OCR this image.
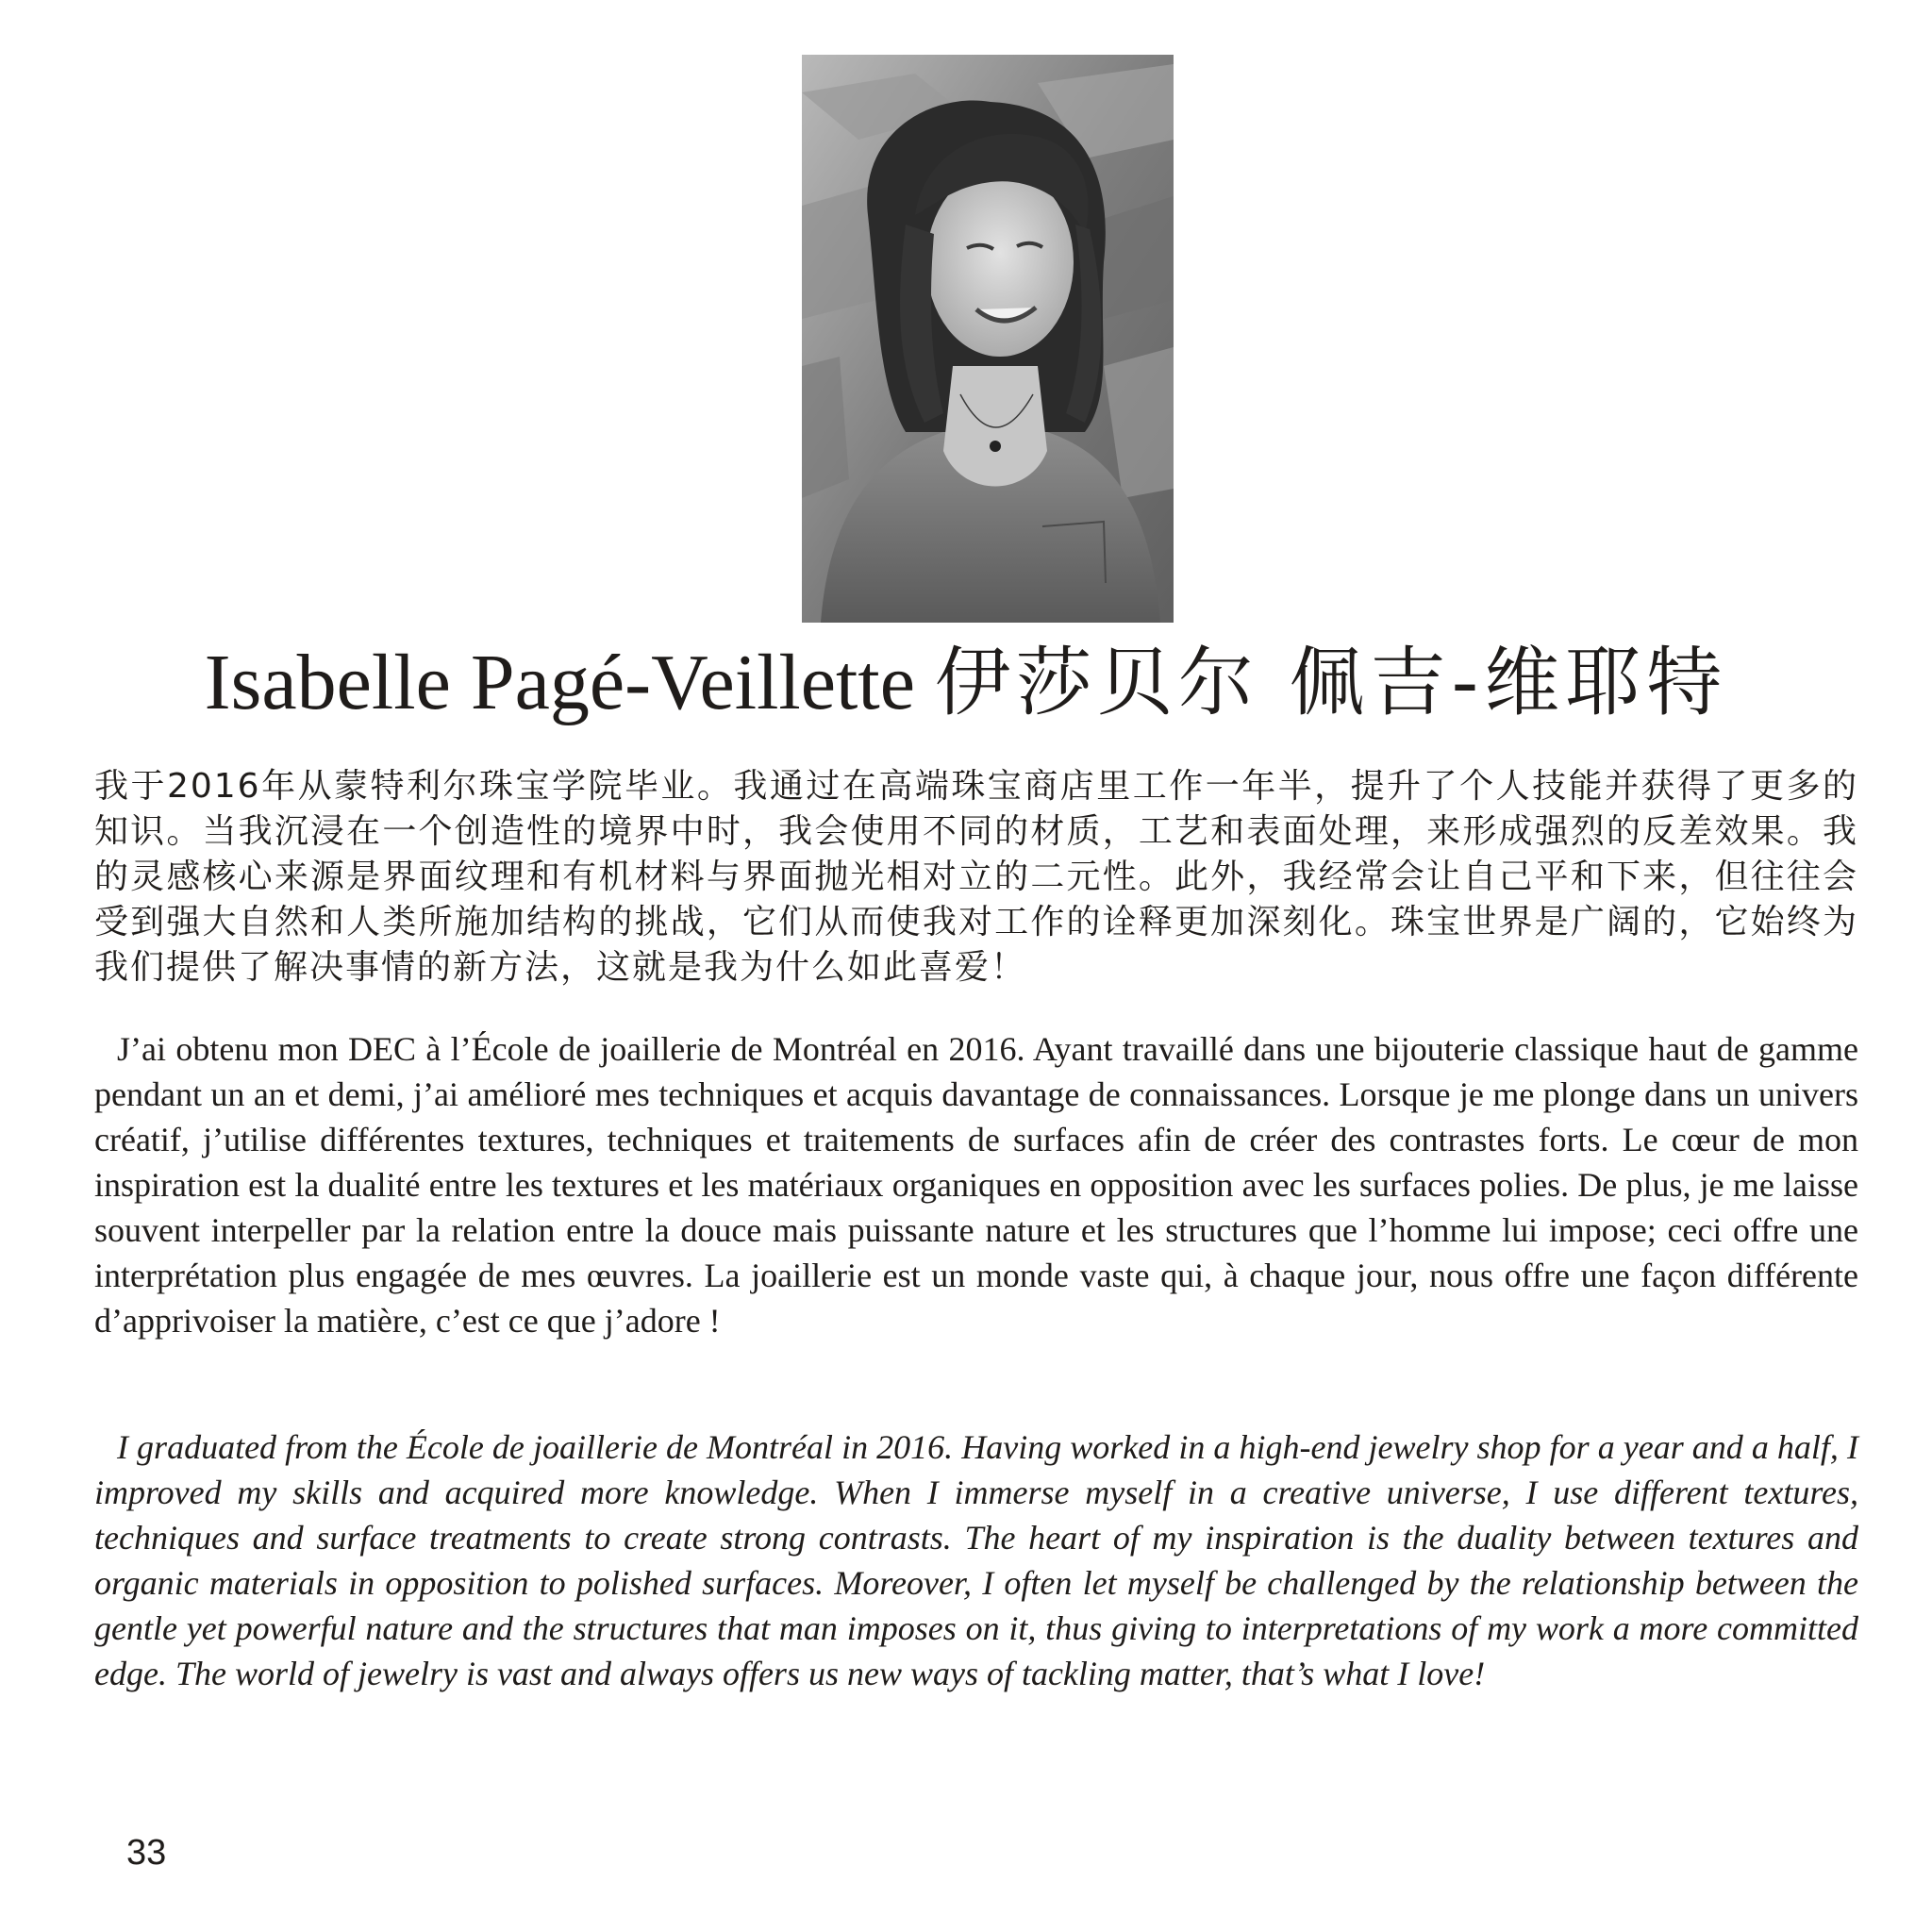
Isabelle Pagé-Veillette 伊莎贝尔 佩吉-维耶特

我于2016年从蒙特利尔珠宝学院毕业。我通过在高端珠宝商店里工作一年半，提升了个人技能并获得了更多的知识。当我沉浸在一个创造性的境界中时，我会使用不同的材质，工艺和表面处理，来形成强烈的反差效果。我的灵感核心来源是界面纹理和有机材料与界面抛光相对立的二元性。此外，我经常会让自己平和下来，但往往会受到强大自然和人类所施加结构的挑战，它们从而使我对工作的诠释更加深刻化。珠宝世界是广阔的，它始终为我们提供了解决事情的新方法，这就是我为什么如此喜爱！

J’ai obtenu mon DEC à l’École de joaillerie de Montréal en 2016. Ayant travaillé dans une bijouterie classique haut de gamme pendant un an et demi, j’ai amélioré mes techniques et acquis davantage de connaissances. Lorsque je me plonge dans un univers créatif, j’utilise différentes textures, techniques et traitements de surfaces afin de créer des contrastes forts. Le cœur de mon inspiration est la dualité entre les textures et les matériaux organiques en opposition avec les surfaces polies. De plus, je me laisse souvent interpeller par la relation entre la douce mais puissante nature et les structures que l’homme lui impose; ceci offre une interprétation plus engagée de mes œuvres. La joaillerie est un monde vaste qui, à chaque jour, nous offre une façon différente d’apprivoiser la matière, c’est ce que j’adore !

I graduated from the École de joaillerie de Montréal in 2016. Having worked in a high-end jewelry shop for a year and a half, I improved my skills and acquired more knowledge. When I immerse myself in a creative universe, I use different textures, techniques and surface treatments to create strong contrasts. The heart of my inspiration is the duality between textures and organic materials in opposition to polished surfaces. Moreover, I often let myself be challenged by the relationship between the gentle yet powerful nature and the structures that man imposes on it, thus giving to interpretations of my work a more committed edge. The world of jewelry is vast and always offers us new ways of tackling matter, that’s what I love!

33
